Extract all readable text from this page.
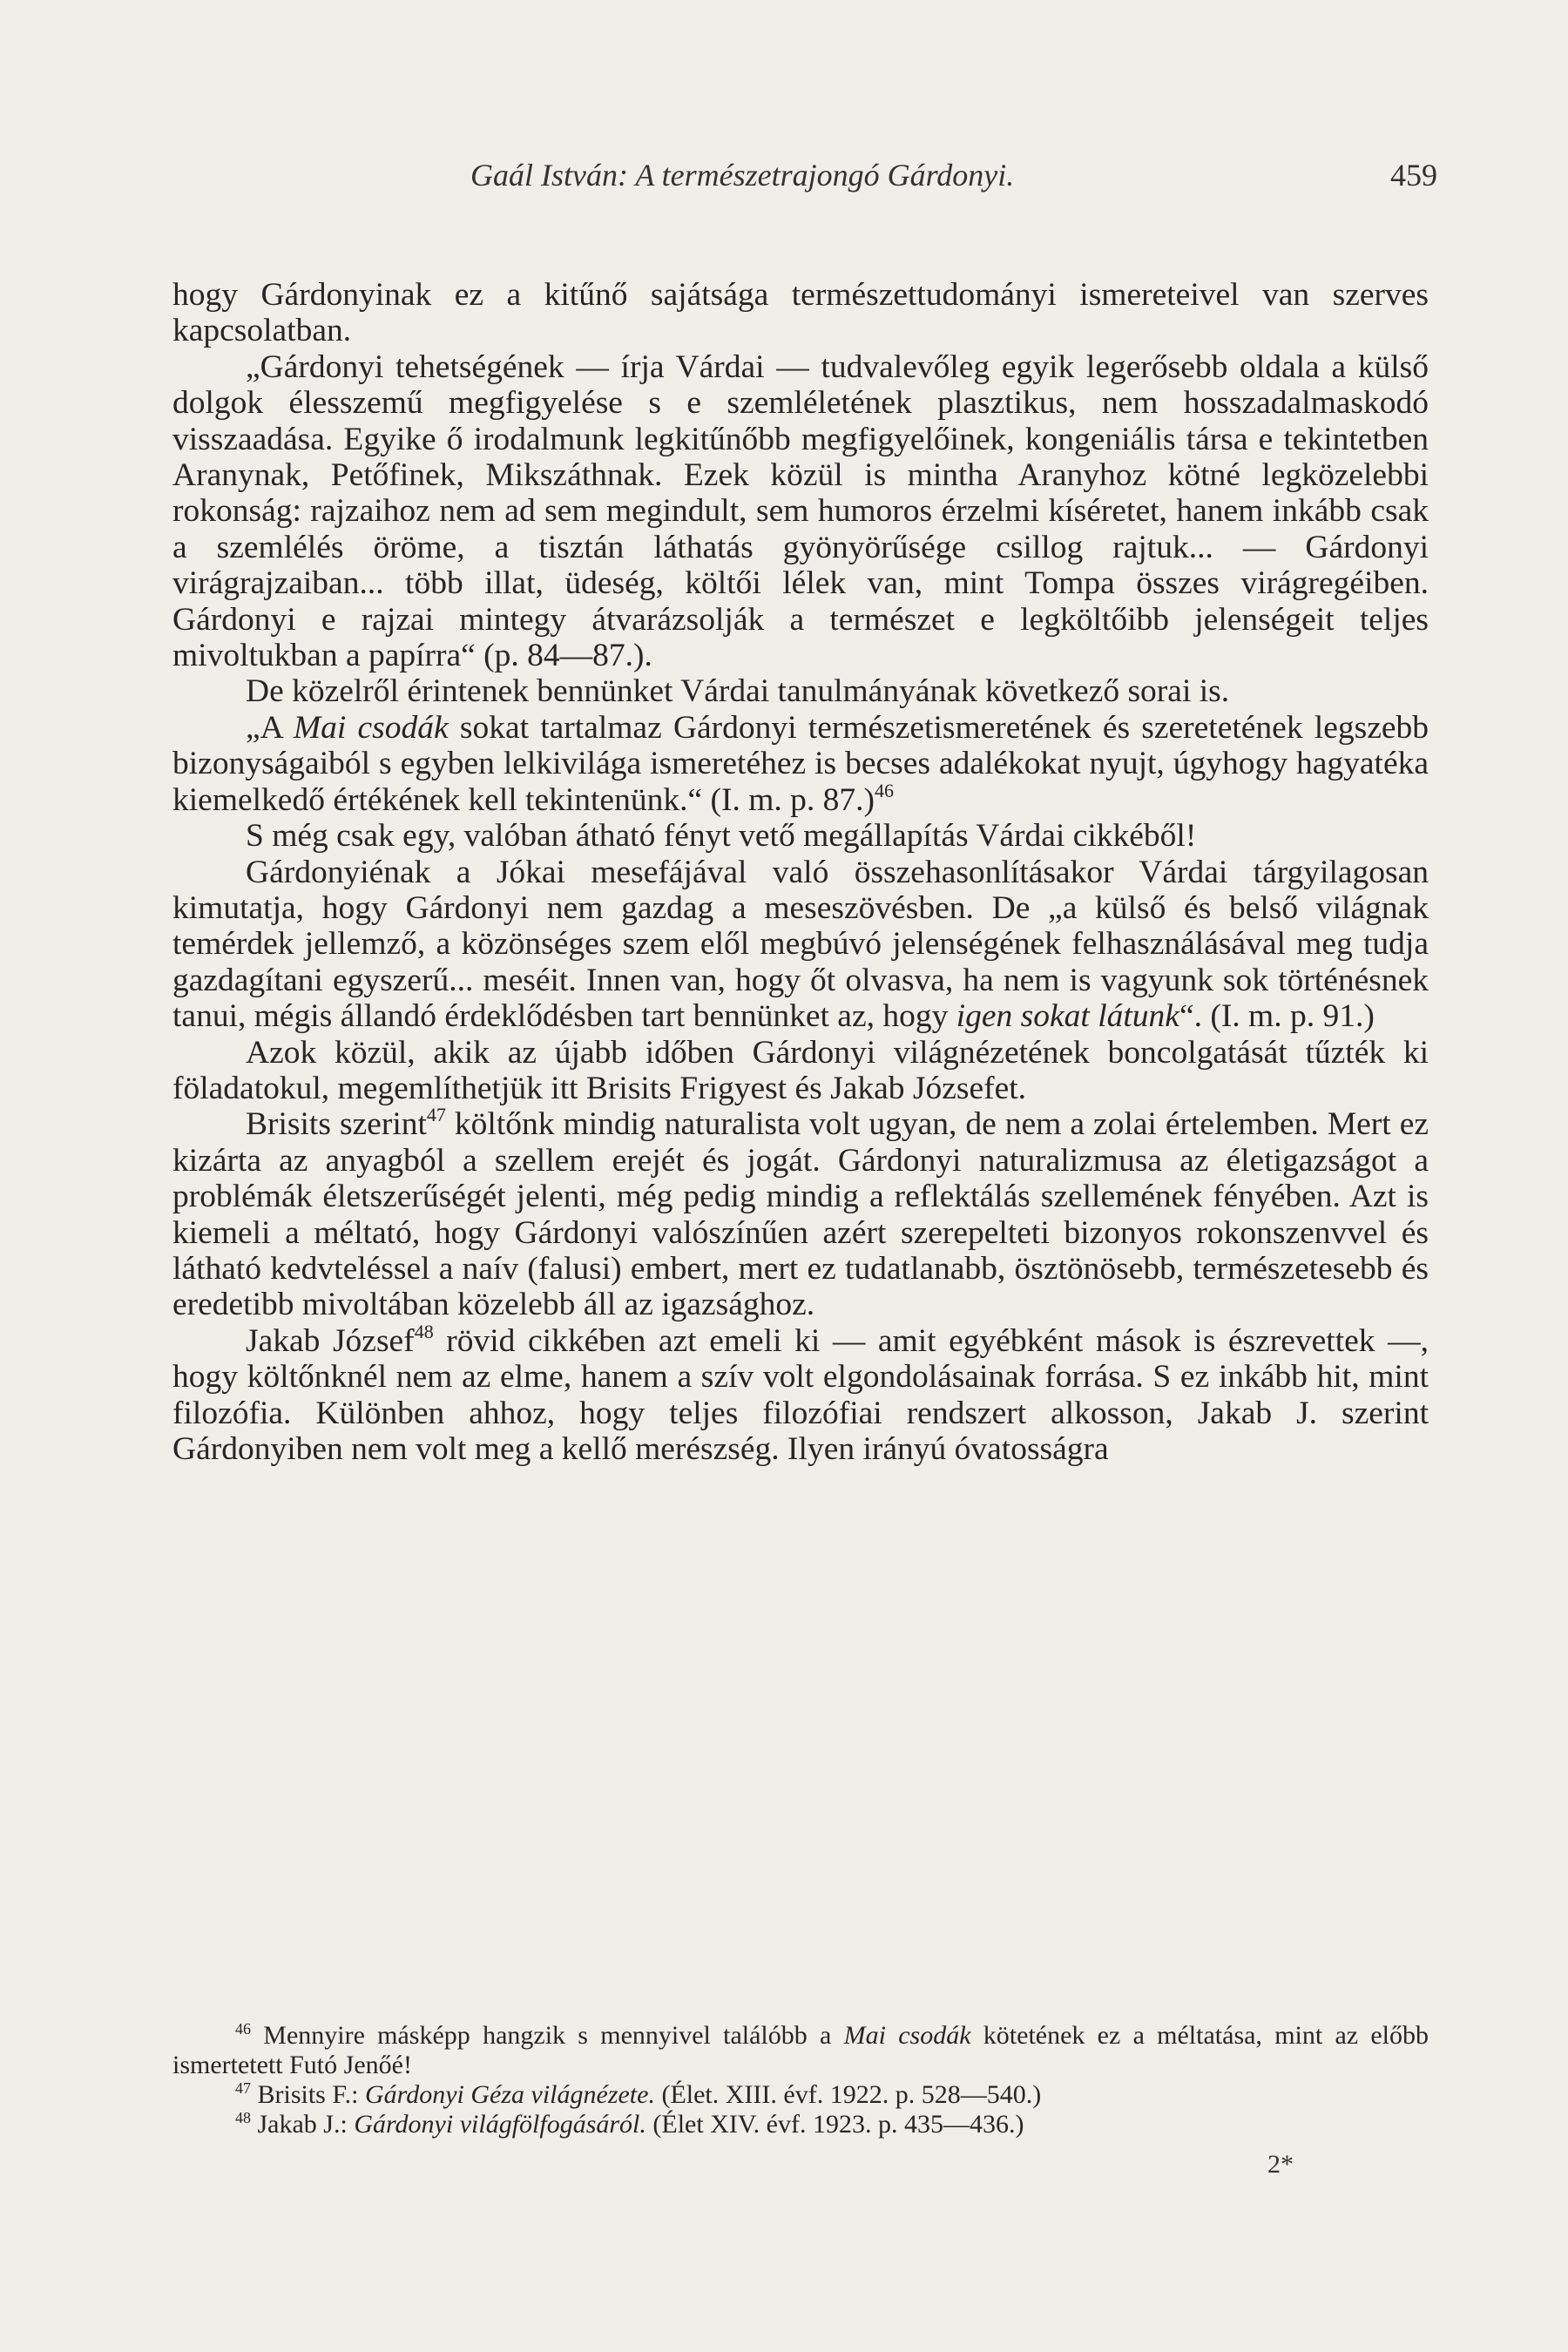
Gaál István: A természetrajongó Gárdonyi.	459

hogy Gárdonyinak ez a kitűnő sajátsága természettudományi ismereteivel van szerves kapcsolatban.

„Gárdonyi tehetségének — írja Várdai — tudvalevőleg egyik legerősebb oldala a külső dolgok élesszemű megfigyelése s e szemléletének plasztikus, nem hosszadalmaskodó visszaadása. Egyike ő irodalmunk legkitűnőbb megfigyelőinek, kongeniális társa e tekintetben Aranynak, Petőfinek, Mikszáthnak. Ezek közül is mintha Aranyhoz kötné legközelebbi rokonság: rajzaihoz nem ad sem megindult, sem humoros érzelmi kíséretet, hanem inkább csak a szemlélés öröme, a tisztán láthatás gyönyörűsége csillog rajtuk... — Gárdonyi virágrajzaiban... több illat, üdeség, költői lélek van, mint Tompa összes virágregéiben. Gárdonyi e rajzai mintegy átvarázsolják a természet e legköltőibb jelenségeit teljes mivoltukban a papírra“ (p. 84—87.).

De közelről érintenek bennünket Várdai tanulmányának következő sorai is.

„A Mai csodák sokat tartalmaz Gárdonyi természetismeretének és szeretetének legszebb bizonyságaiból s egyben lelkivilága ismeretéhez is becses adalékokat nyujt, úgyhogy hagyatéka kiemelkedő értékének kell tekintenünk.“ (I. m. p. 87.)$^{46}$

S még csak egy, valóban átható fényt vető megállapítás Várdai cikkéből!

Gárdonyiénak a Jókai mesefájával való összehasonlításakor Várdai tárgyilagosan kimutatja, hogy Gárdonyi nem gazdag a meseszövésben. De „a külső és belső világnak temérdek jellemző, a közönséges szem elől megbúvó jelenségének felhasználásával meg tudja gazdagítani egyszerű... meséit. Innen van, hogy őt olvasva, ha nem is vagyunk sok történésnek tanui, mégis állandó érdeklődésben tart bennünket az, hogy igen sokat látunk“. (I. m. p. 91.)

Azok közül, akik az újabb időben Gárdonyi világnézetének boncolgatását tűzték ki föladatokul, megemlíthetjük itt Brisits Frigyest és Jakab Józsefet.

Brisits szerint$^{47}$ költőnk mindig naturalista volt ugyan, de nem a zolai értelemben. Mert ez kizárta az anyagból a szellem erejét és jogát. Gárdonyi naturalizmusa az életigazságot a problémák életszerűségét jelenti, még pedig mindig a reflektálás szellemének fényében. Azt is kiemeli a méltató, hogy Gárdonyi valószínűen azért szerepelteti bizonyos rokonszenvvel és látható kedvteléssel a naív (falusi) embert, mert ez tudatlanabb, ösztönösebb, természetesebb és eredetibb mivoltában közelebb áll az igazsághoz.

Jakab József$^{48}$ rövid cikkében azt emeli ki — amit egyébként mások is észrevettek —, hogy költőnknél nem az elme, hanem a szív volt elgondolásainak forrása. S ez inkább hit, mint filozófia. Különben ahhoz, hogy teljes filozófiai rendszert alkosson, Jakab J. szerint Gárdonyiben nem volt meg a kellő merészség. Ilyen irányú óvatosságra

$^{46}$ Mennyire másképp hangzik s mennyivel találóbb a Mai csodák kötetének ez a méltatása, mint az előbb ismertetett Futó Jenőé!

$^{47}$ Brisits F.: Gárdonyi Géza világnézete. (Élet. XIII. évf. 1922. p. 528—540.)

$^{48}$ Jakab J.: Gárdonyi világfölfogásáról. (Élet XIV. évf. 1923. p. 435—436.)

2*
